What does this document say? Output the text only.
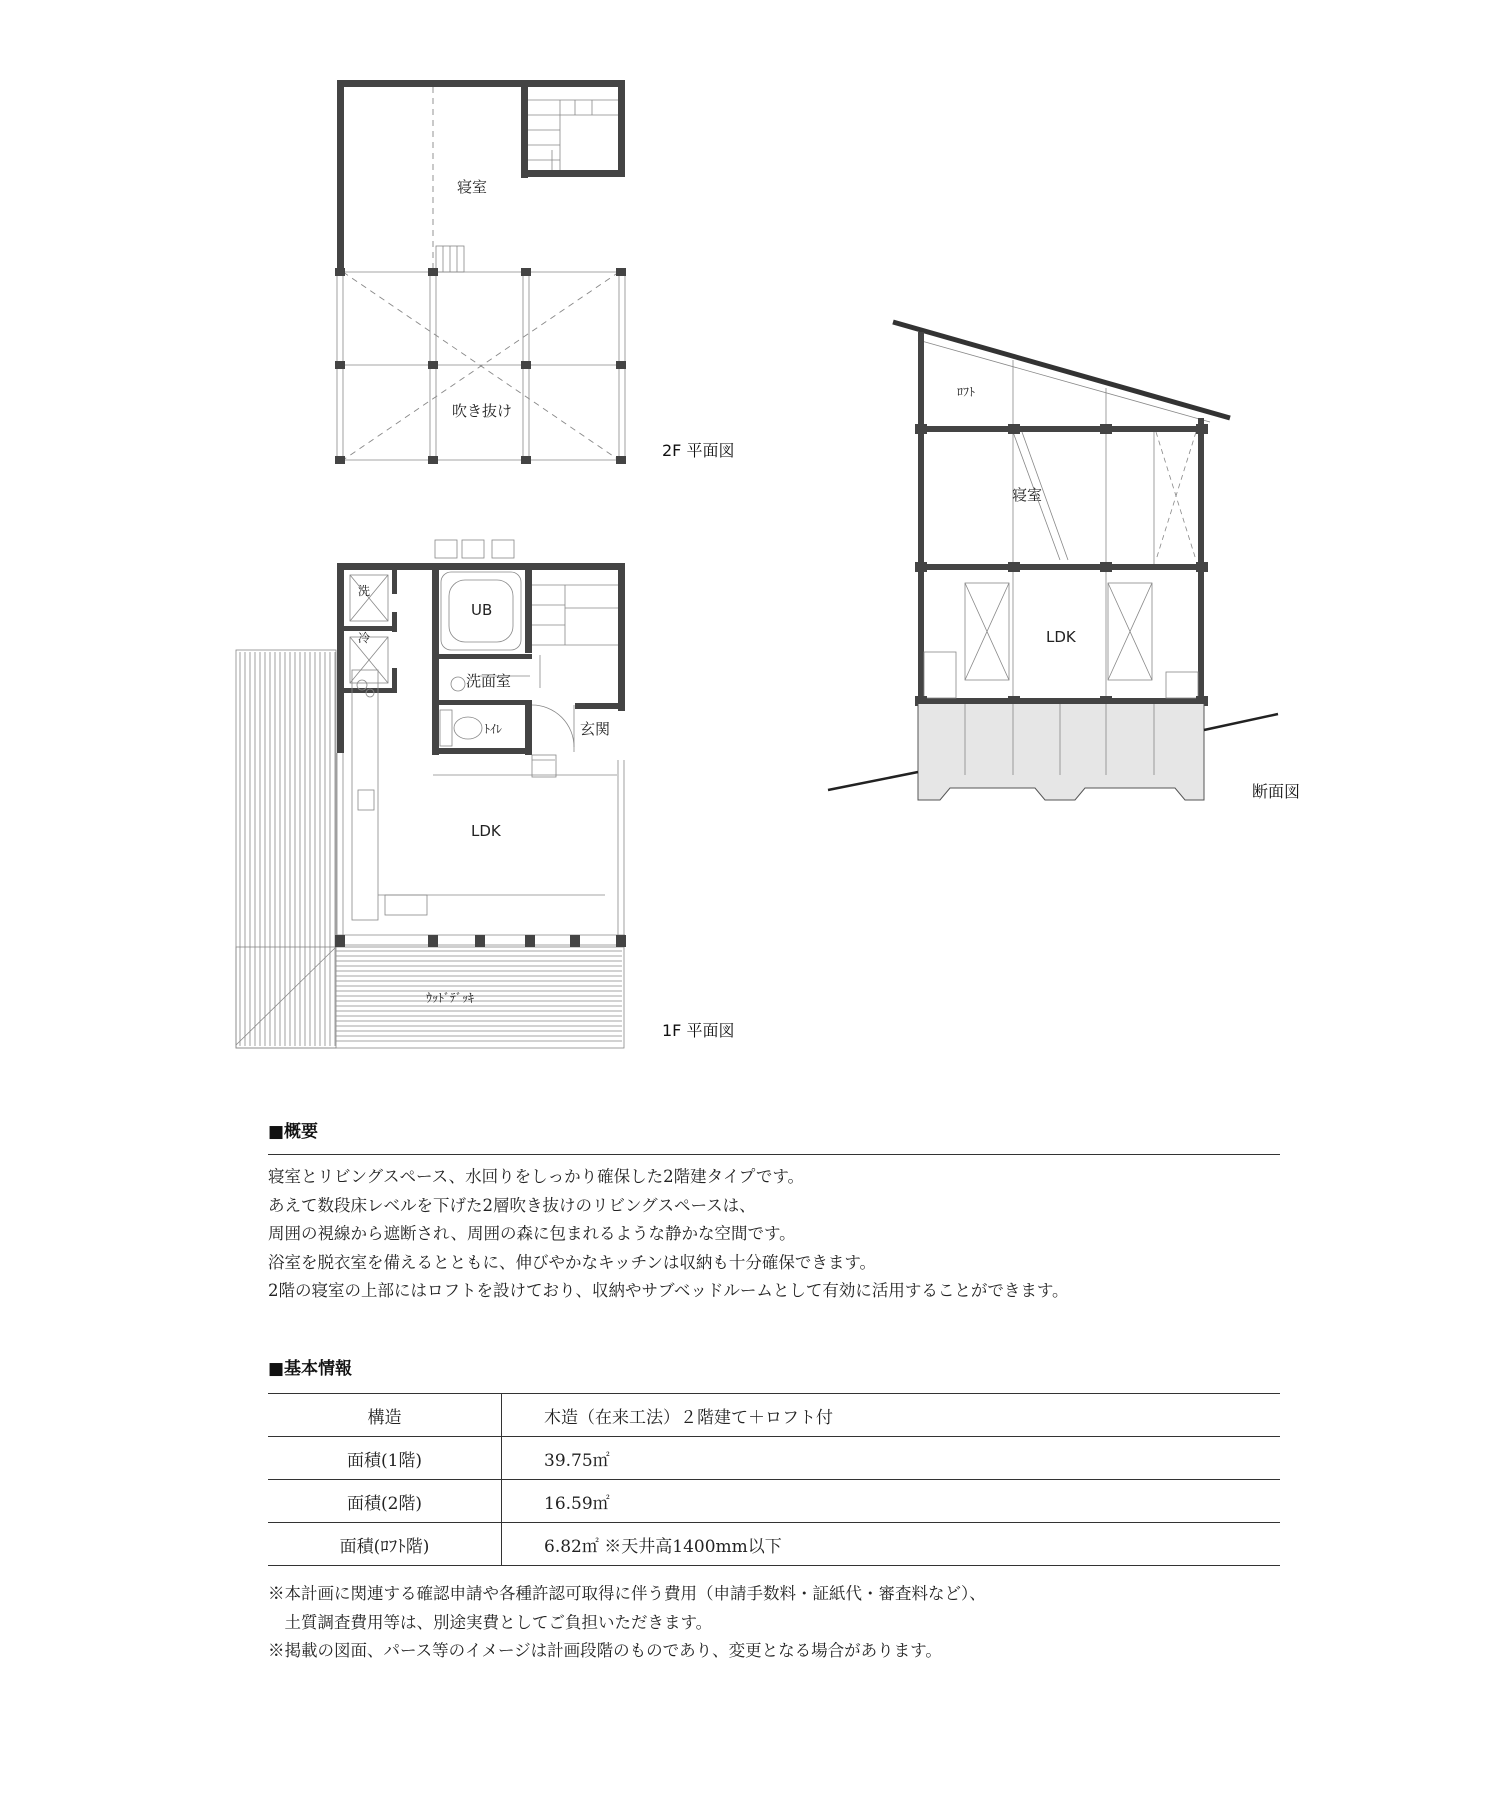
寝室
吹き抜け
2F 平面図
洗
冷
UB
洗面室
ﾄｲﾚ	玄関
LDK
ｳｯﾄﾞﾃﾞｯｷ
1F 平面図
ﾛﾌﾄ
寝室
LDK
断面図
■概要

寝室とリビングスペース、水回りをしっかり確保した2階建タイプです。

あえて数段床レベルを下げた2層吹き抜けのリビングスペースは、

周囲の視線から遮断され、周囲の森に包まれるような静かな空間です。

浴室を脱衣室を備えるとともに、伸びやかなキッチンは収納も十分確保できます。

2階の寝室の上部にはロフトを設けており、収納やサブベッドルームとして有効に活用することができます。

■基本情報
構造	木造（在来工法）２階建て＋ロフト付
面積(1階)	39.75㎡
面積(2階)	16.59㎡
面積(ﾛﾌﾄ階)	6.82㎡ ※天井高1400mm以下

※本計画に関連する確認申請や各種許認可取得に伴う費用（申請手数料・証紙代・審査料など）、

　土質調査費用等は、別途実費としてご負担いただきます。

※掲載の図面、パース等のイメージは計画段階のものであり、変更となる場合があります。
